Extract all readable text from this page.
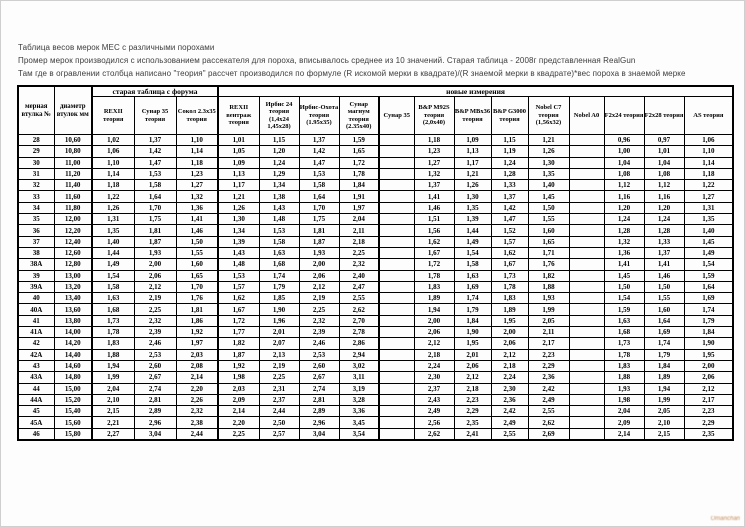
Таблица весов мерок МЕС с различными порохами
Промер мерок производился с использованием рассекателя для пороха, вписывалось среднее из 10 значений. Старая таблица - 2008г представленная RealGun
Там где в огравлении столбца написано "теория" рассчет производился по формуле (R искомой мерки в квадрате)/(R знаемой мерки в квадрате)*вес пороха в знаемой мерке
мерная втулка №	диаметр втулок мм	старая таблица с форума			новые измерения												
		REXII теория	Сунар 35 теория	Сокол 2.3х35 теория	REXII вентраж теория	Ирбис 24 теория (1,4х24 1,45х28)	Ирбис-Охота теория (1.95х35)	Сунар магнум теория (2.35х40)	Сунар 35	B&P M92S теория (2,0х40)	B&P MBх36 теория	B&P G3000 теория	Nobel C7 теория (1,56х32)	Nobel A0	F2х24 теория	F2х28 теория	AS теория
28	10,60	1,02	1,37	1,10	1,01	1,15	1,37	1,59		1,18	1,09	1,15	1,21		0,96	0,97	1,06
29	10,80	1,06	1,42	1,14	1,05	1,20	1,42	1,65		1,23	1,13	1,19	1,26		1,00	1,01	1,10
30	11,00	1,10	1,47	1,18	1,09	1,24	1,47	1,72		1,27	1,17	1,24	1,30		1,04	1,04	1,14
31	11,20	1,14	1,53	1,23	1,13	1,29	1,53	1,78		1,32	1,21	1,28	1,35		1,08	1,08	1,18
32	11,40	1,18	1,58	1,27	1,17	1,34	1,58	1,84		1,37	1,26	1,33	1,40		1,12	1,12	1,22
33	11,60	1,22	1,64	1,32	1,21	1,38	1,64	1,91		1,41	1,30	1,37	1,45		1,16	1,16	1,27
34	11,80	1,26	1,70	1,36	1,26	1,43	1,70	1,97		1,46	1,35	1,42	1,50		1,20	1,20	1,31
35	12,00	1,31	1,75	1,41	1,30	1,48	1,75	2,04		1,51	1,39	1,47	1,55		1,24	1,24	1,35
36	12,20	1,35	1,81	1,46	1,34	1,53	1,81	2,11		1,56	1,44	1,52	1,60		1,28	1,28	1,40
37	12,40	1,40	1,87	1,50	1,39	1,58	1,87	2,18		1,62	1,49	1,57	1,65		1,32	1,33	1,45
38	12,60	1,44	1,93	1,55	1,43	1,63	1,93	2,25		1,67	1,54	1,62	1,71		1,36	1,37	1,49
38А	12,80	1,49	2,00	1,60	1,48	1,68	2,00	2,32		1,72	1,58	1,67	1,76		1,41	1,41	1,54
39	13,00	1,54	2,06	1,65	1,53	1,74	2,06	2,40		1,78	1,63	1,73	1,82		1,45	1,46	1,59
39А	13,20	1,58	2,12	1,70	1,57	1,79	2,12	2,47		1,83	1,69	1,78	1,88		1,50	1,50	1,64
40	13,40	1,63	2,19	1,76	1,62	1,85	2,19	2,55		1,89	1,74	1,83	1,93		1,54	1,55	1,69
40А	13,60	1,68	2,25	1,81	1,67	1,90	2,25	2,62		1,94	1,79	1,89	1,99		1,59	1,60	1,74
41	13,80	1,73	2,32	1,86	1,72	1,96	2,32	2,70		2,00	1,84	1,95	2,05		1,63	1,64	1,79
41А	14,00	1,78	2,39	1,92	1,77	2,01	2,39	2,78		2,06	1,90	2,00	2,11		1,68	1,69	1,84
42	14,20	1,83	2,46	1,97	1,82	2,07	2,46	2,86		2,12	1,95	2,06	2,17		1,73	1,74	1,90
42А	14,40	1,88	2,53	2,03	1,87	2,13	2,53	2,94		2,18	2,01	2,12	2,23		1,78	1,79	1,95
43	14,60	1,94	2,60	2,08	1,92	2,19	2,60	3,02		2,24	2,06	2,18	2,29		1,83	1,84	2,00
43А	14,80	1,99	2,67	2,14	1,98	2,25	2,67	3,11		2,30	2,12	2,24	2,36		1,88	1,89	2,06
44	15,00	2,04	2,74	2,20	2,03	2,31	2,74	3,19		2,37	2,18	2,30	2,42		1,93	1,94	2,12
44А	15,20	2,10	2,81	2,26	2,09	2,37	2,81	3,28		2,43	2,23	2,36	2,49		1,98	1,99	2,17
45	15,40	2,15	2,89	2,32	2,14	2,44	2,89	3,36		2,49	2,29	2,42	2,55		2,04	2,05	2,23
45А	15,60	2,21	2,96	2,38	2,20	2,50	2,96	3,45		2,56	2,35	2,49	2,62		2,09	2,10	2,29
46	15,80	2,27	3,04	2,44	2,25	2,57	3,04	3,54		2,62	2,41	2,55	2,69		2,14	2,15	2,35
Omanchan
